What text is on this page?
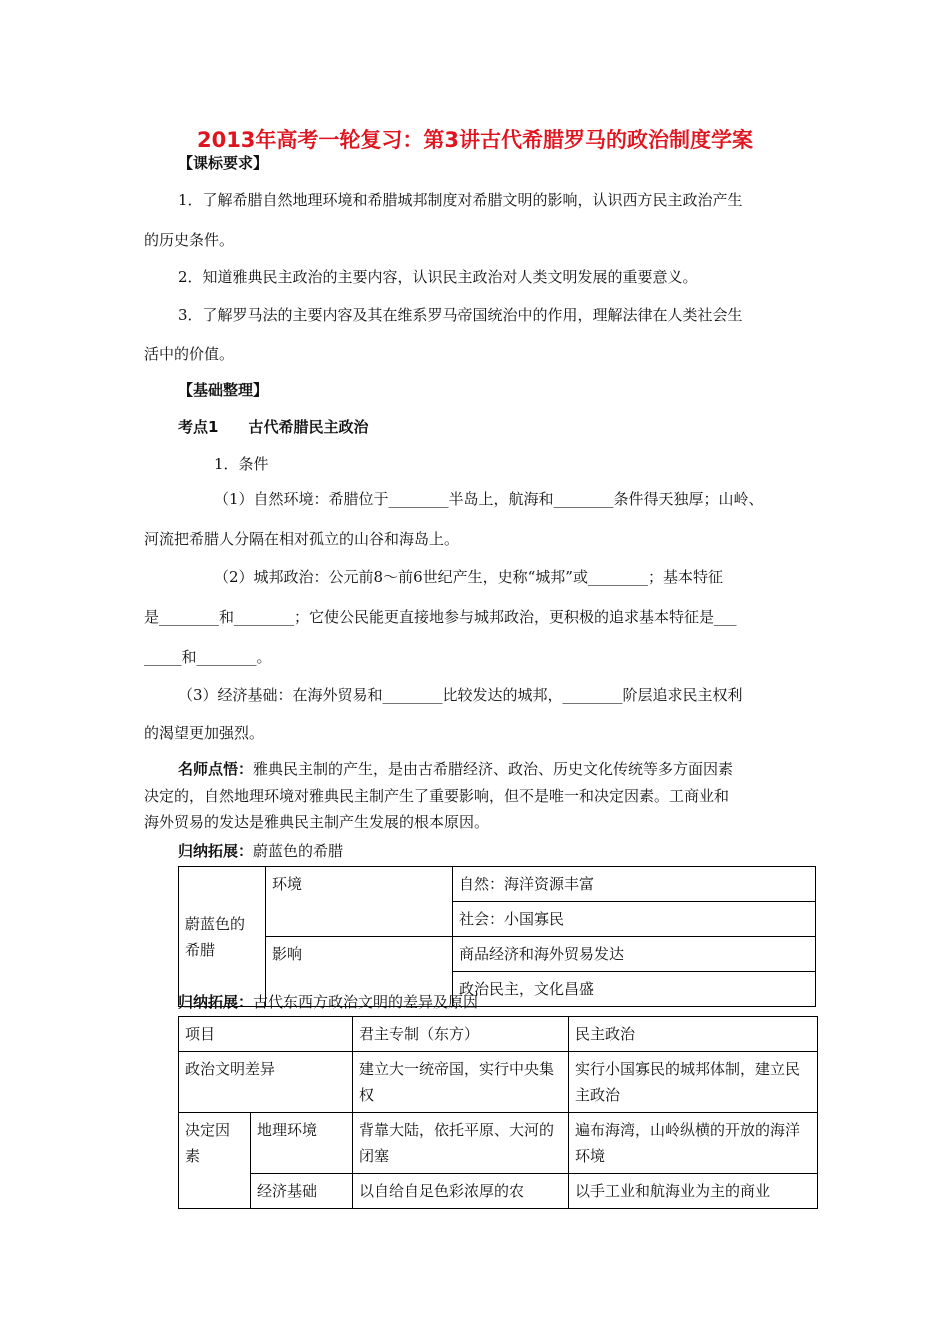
2013年高考一轮复习：第3讲古代希腊罗马的政治制度学案
【课标要求】
1．了解希腊自然地理环境和希腊城邦制度对希腊文明的影响，认识西方民主政治产生
的历史条件。
2．知道雅典民主政治的主要内容，认识民主政治对人类文明发展的重要意义。
3．了解罗马法的主要内容及其在维系罗马帝国统治中的作用，理解法律在人类社会生
活中的价值。
【基础整理】
考点1　　古代希腊民主政治
1．条件
（1）自然环境：希腊位于________半岛上，航海和________条件得天独厚；山岭、
河流把希腊人分隔在相对孤立的山谷和海岛上。
（2）城邦政治：公元前8～前6世纪产生，史称“城邦”或________；基本特征
是________和________；它使公民能更直接地参与城邦政治，更积极的追求基本特征是___
_____和________。
（3）经济基础：在海外贸易和________比较发达的城邦，________阶层追求民主权利
的渴望更加强烈。
名师点悟：雅典民主制的产生，是由古希腊经济、政治、历史文化传统等多方面因素
决定的，自然地理环境对雅典民主制产生了重要影响，但不是唯一和决定因素。工商业和
海外贸易的发达是雅典民主制产生发展的根本原因。
归纳拓展：蔚蓝色的希腊
蔚蓝色的希腊	环境	自然：海洋资源丰富
		社会：小国寡民
	影响	商品经济和海外贸易发达
		政治民主，文化昌盛
归纳拓展：古代东西方政治文明的差异及原因
项目		君主专制（东方）	民主政治
政治文明差异		建立大一统帝国，实行中央集权	实行小国寡民的城邦体制，建立民主政治
决定因素	地理环境	背靠大陆，依托平原、大河的闭塞	遍布海湾，山岭纵横的开放的海洋环境
	经济基础	以自给自足色彩浓厚的农	以手工业和航海业为主的商业
